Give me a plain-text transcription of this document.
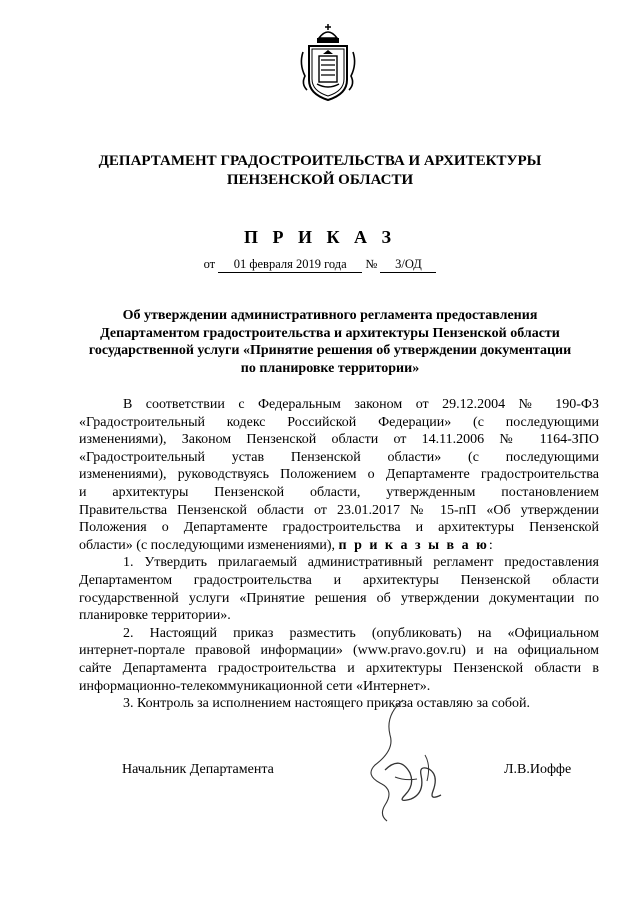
ДЕПАРТАМЕНТ ГРАДОСТРОИТЕЛЬСТВА И АРХИТЕКТУРЫ
ПЕНЗЕНСКОЙ ОБЛАСТИ
П Р И К А З
от 01 февраля 2019 года № 3/ОД
Об утверждении административного регламента предоставления
Департаментом градостроительства и архитектуры Пензенской области
государственной услуги «Принятие решения об утверждении документации
по планировке территории»
В соответствии с Федеральным законом от 29.12.2004 № 190-ФЗ
«Градостроительный кодекс Российской Федерации» (с последующими
изменениями), Законом Пензенской области от 14.11.2006 № 1164-ЗПО
«Градостроительный устав Пензенской области» (с последующими
изменениями), руководствуясь Положением о Департаменте градостроительства
и архитектуры Пензенской области, утвержденным постановлением
Правительства Пензенской области от 23.01.2017 № 15-пП «Об утверждении
Положения о Департаменте градостроительства и архитектуры Пензенской
области» (с последующими изменениями), п р и к а з ы в а ю:
1. Утвердить прилагаемый административный регламент предоставления
Департаментом градостроительства и архитектуры Пензенской области
государственной услуги «Принятие решения об утверждении документации по
планировке территории».
2. Настоящий приказ разместить (опубликовать) на «Официальном
интернет-портале правовой информации» (www.pravo.gov.ru) и на официальном
сайте Департамента градостроительства и архитектуры Пензенской области в
информационно-телекоммуникационной сети «Интернет».
3. Контроль за исполнением настоящего приказа оставляю за собой.
Начальник Департамента	Л.В.Иоффе
